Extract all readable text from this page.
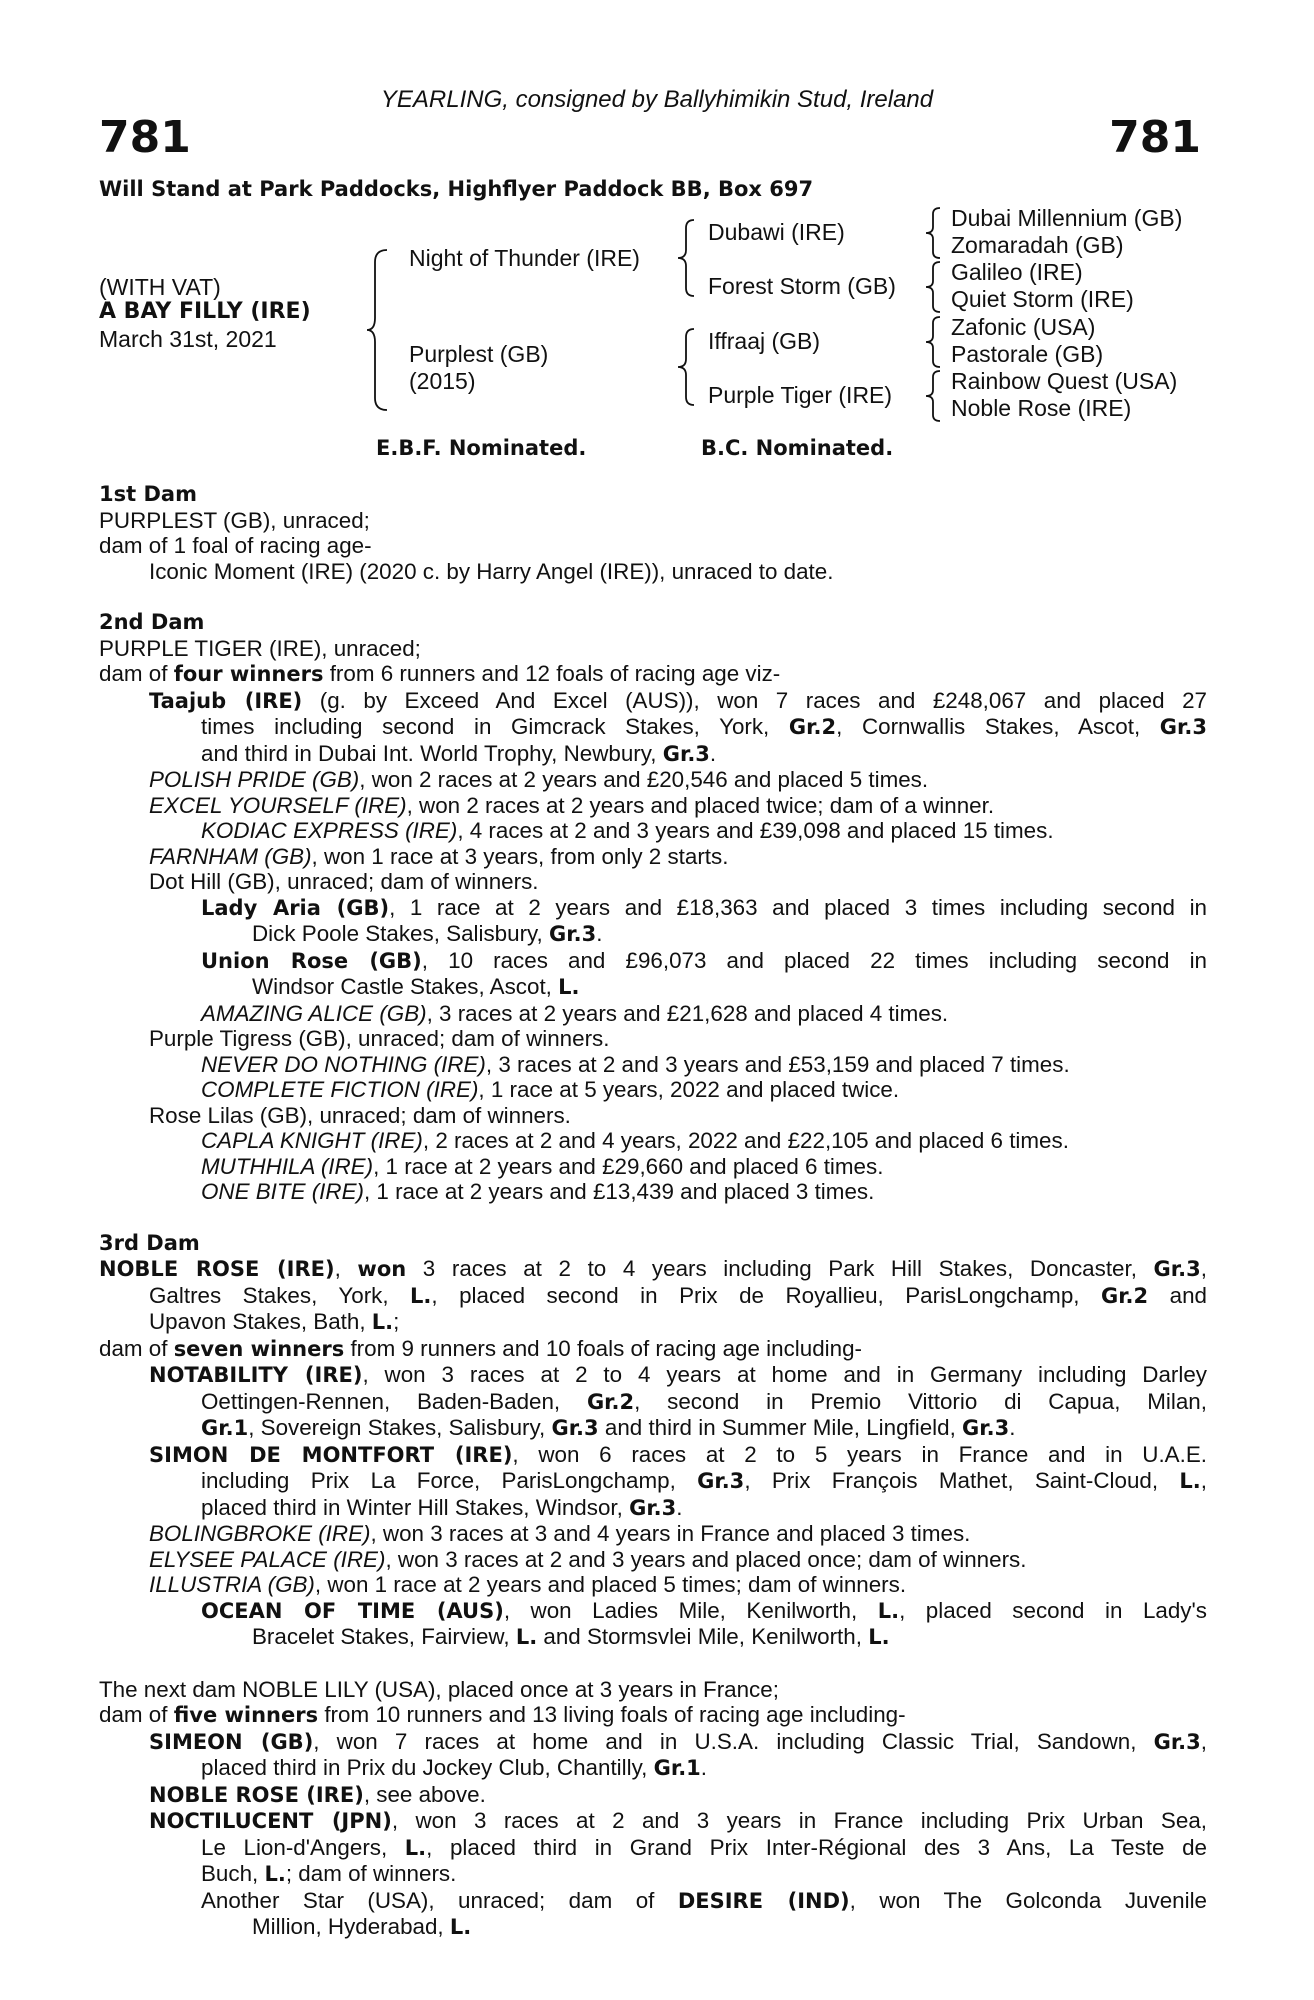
YEARLING, consigned by Ballyhimikin Stud, Ireland
781	781
Will Stand at Park Paddocks, Highflyer Paddock BB, Box 697
(WITH VAT)
A BAY FILLY (IRE)
March 31st, 2021
Night of Thunder (IRE)
Purplest (GB)
(2015)
Dubawi (IRE)
Forest Storm (GB)
Iffraaj (GB)
Purple Tiger (IRE)
Dubai Millennium (GB)
Zomaradah (GB)
Galileo (IRE)
Quiet Storm (IRE)
Zafonic (USA)
Pastorale (GB)
Rainbow Quest (USA)
Noble Rose (IRE)
E.B.F. Nominated.	B.C. Nominated.
1st Dam
PURPLEST (GB), unraced;
dam of 1 foal of racing age-
Iconic Moment (IRE) (2020 c. by Harry Angel (IRE)), unraced to date.
2nd Dam
PURPLE TIGER (IRE), unraced;
dam of four winners from 6 runners and 12 foals of racing age viz-
Taajub (IRE) (g. by Exceed And Excel (AUS)), won 7 races and £248,067 and placed 27
times including second in Gimcrack Stakes, York, Gr.2, Cornwallis Stakes, Ascot, Gr.3
and third in Dubai Int. World Trophy, Newbury, Gr.3.
POLISH PRIDE (GB), won 2 races at 2 years and £20,546 and placed 5 times.
EXCEL YOURSELF (IRE), won 2 races at 2 years and placed twice; dam of a winner.
KODIAC EXPRESS (IRE), 4 races at 2 and 3 years and £39,098 and placed 15 times.
FARNHAM (GB), won 1 race at 3 years, from only 2 starts.
Dot Hill (GB), unraced; dam of winners.
Lady Aria (GB), 1 race at 2 years and £18,363 and placed 3 times including second in
Dick Poole Stakes, Salisbury, Gr.3.
Union Rose (GB), 10 races and £96,073 and placed 22 times including second in
Windsor Castle Stakes, Ascot, L.
AMAZING ALICE (GB), 3 races at 2 years and £21,628 and placed 4 times.
Purple Tigress (GB), unraced; dam of winners.
NEVER DO NOTHING (IRE), 3 races at 2 and 3 years and £53,159 and placed 7 times.
COMPLETE FICTION (IRE), 1 race at 5 years, 2022 and placed twice.
Rose Lilas (GB), unraced; dam of winners.
CAPLA KNIGHT (IRE), 2 races at 2 and 4 years, 2022 and £22,105 and placed 6 times.
MUTHHILA (IRE), 1 race at 2 years and £29,660 and placed 6 times.
ONE BITE (IRE), 1 race at 2 years and £13,439 and placed 3 times.
3rd Dam
NOBLE ROSE (IRE), won 3 races at 2 to 4 years including Park Hill Stakes, Doncaster, Gr.3,
Galtres Stakes, York, L., placed second in Prix de Royallieu, ParisLongchamp, Gr.2 and
Upavon Stakes, Bath, L.;
dam of seven winners from 9 runners and 10 foals of racing age including-
NOTABILITY (IRE), won 3 races at 2 to 4 years at home and in Germany including Darley
Oettingen-Rennen, Baden-Baden, Gr.2, second in Premio Vittorio di Capua, Milan,
Gr.1, Sovereign Stakes, Salisbury, Gr.3 and third in Summer Mile, Lingfield, Gr.3.
SIMON DE MONTFORT (IRE), won 6 races at 2 to 5 years in France and in U.A.E.
including Prix La Force, ParisLongchamp, Gr.3, Prix François Mathet, Saint-Cloud, L.,
placed third in Winter Hill Stakes, Windsor, Gr.3.
BOLINGBROKE (IRE), won 3 races at 3 and 4 years in France and placed 3 times.
ELYSEE PALACE (IRE), won 3 races at 2 and 3 years and placed once; dam of winners.
ILLUSTRIA (GB), won 1 race at 2 years and placed 5 times; dam of winners.
OCEAN OF TIME (AUS), won Ladies Mile, Kenilworth, L., placed second in Lady's
Bracelet Stakes, Fairview, L. and Stormsvlei Mile, Kenilworth, L.
The next dam NOBLE LILY (USA), placed once at 3 years in France;
dam of five winners from 10 runners and 13 living foals of racing age including-
SIMEON (GB), won 7 races at home and in U.S.A. including Classic Trial, Sandown, Gr.3,
placed third in Prix du Jockey Club, Chantilly, Gr.1.
NOBLE ROSE (IRE), see above.
NOCTILUCENT (JPN), won 3 races at 2 and 3 years in France including Prix Urban Sea,
Le Lion-d'Angers, L., placed third in Grand Prix Inter-Régional des 3 Ans, La Teste de
Buch, L.; dam of winners.
Another Star (USA), unraced; dam of DESIRE (IND), won The Golconda Juvenile
Million, Hyderabad, L.
